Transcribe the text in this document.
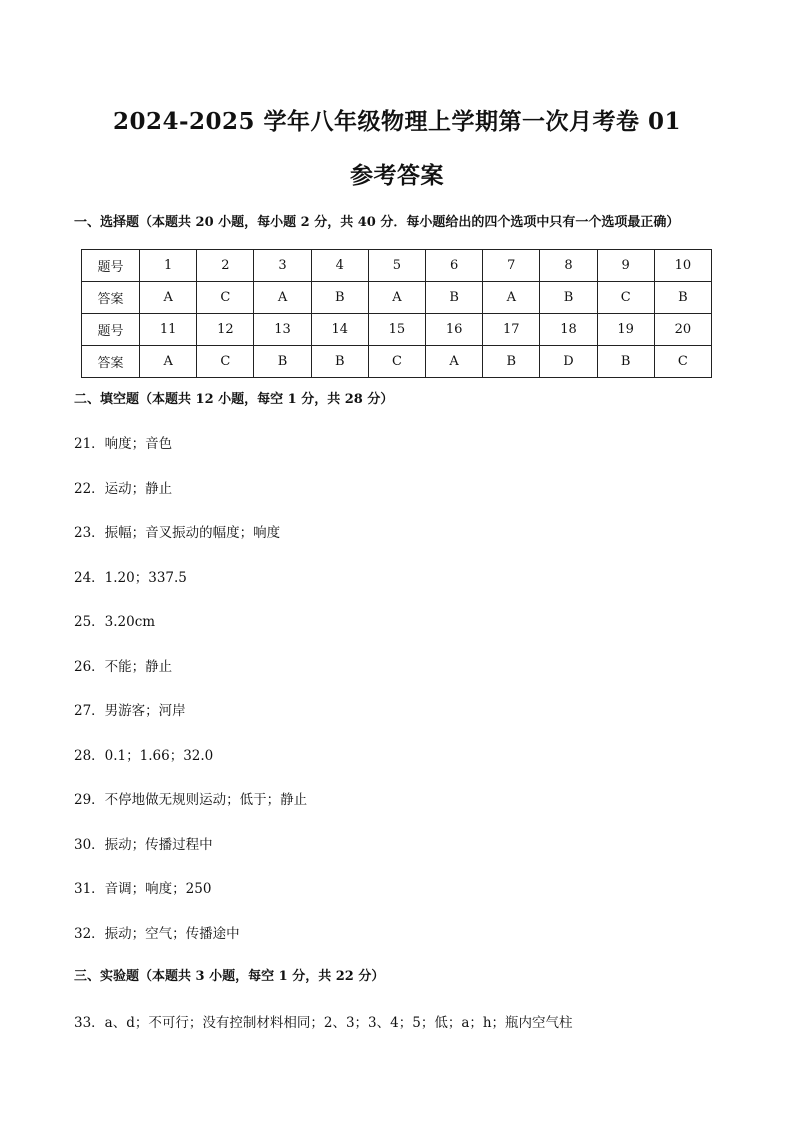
2024-2025 学年八年级物理上学期第一次月考卷 01
参考答案
一、选择题（本题共 20 小题，每小题 2 分，共 40 分．每小题给出的四个选项中只有一个选项最正确）
题号	1	2	3	4	5	6	7	8	9	10
答案	A	C	A	B	A	B	A	B	C	B
题号	11	12	13	14	15	16	17	18	19	20
答案	A	C	B	B	C	A	B	D	B	C
二、填空题（本题共 12 小题，每空 1 分，共 28 分）
21．响度；音色
22．运动；静止
23．振幅；音叉振动的幅度；响度
24．1.20；337.5
25．3.20cm
26．不能；静止
27．男游客；河岸
28．0.1；1.66；32.0
29．不停地做无规则运动；低于；静止
30．振动；传播过程中
31．音调；响度；250
32．振动；空气；传播途中
三、实验题（本题共 3 小题，每空 1 分，共 22 分）
33．a、d；不可行；没有控制材料相同；2、3；3、4；5；低；a；h；瓶内空气柱
